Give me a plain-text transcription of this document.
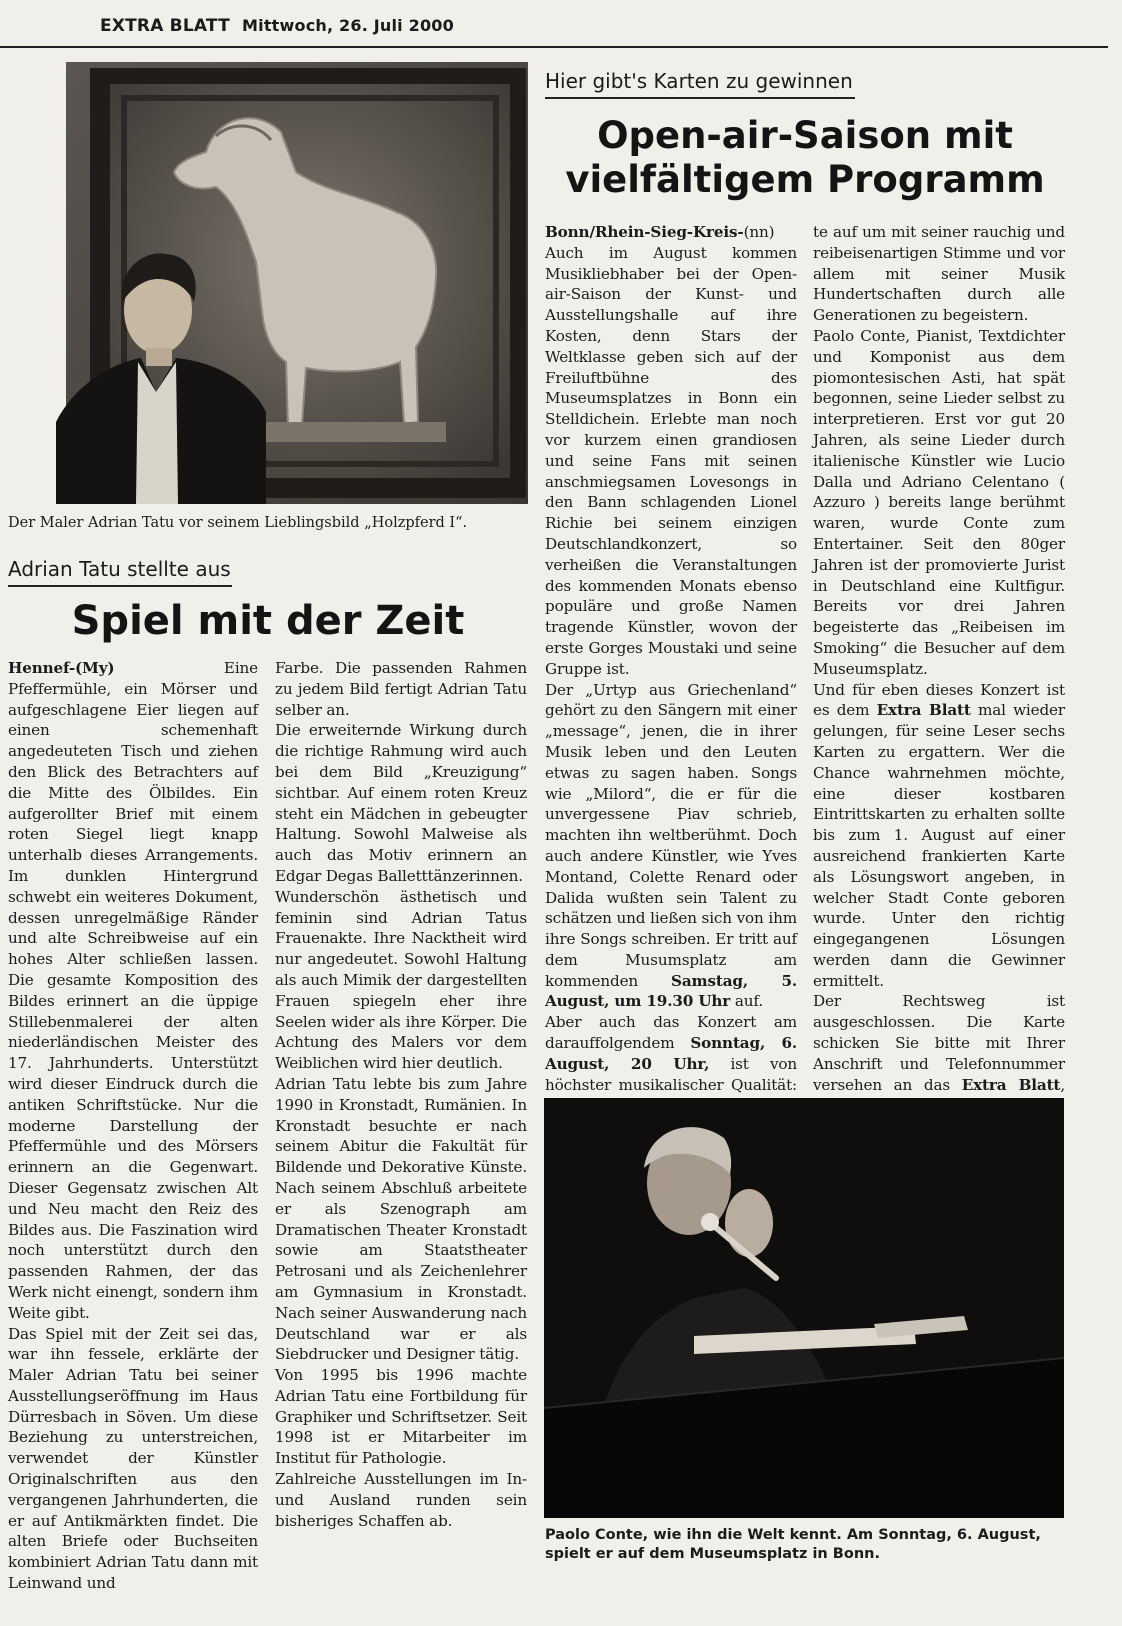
EXTRA BLATT Mittwoch, 26. Juli 2000
Der Maler Adrian Tatu vor seinem Lieblingsbild „Holzpferd I“.
Adrian Tatu stellte aus
Spiel mit der Zeit

Hennef-(My) Eine Pfeffermühle, ein Mörser und aufgeschlagene Eier liegen auf einen schemenhaft angedeuteten Tisch und ziehen den Blick des Betrachters auf die Mitte des Ölbildes. Ein aufgerollter Brief mit einem roten Siegel liegt knapp unterhalb dieses Arrangements. Im dunklen Hintergrund schwebt ein weiteres Dokument, dessen unregelmäßige Ränder und alte Schreibweise auf ein hohes Alter schließen lassen. Die gesamte Komposition des Bildes erinnert an die üppige Stillebenmalerei der alten niederländischen Meister des 17. Jahrhunderts. Unterstützt wird dieser Eindruck durch die antiken Schriftstücke. Nur die moderne Darstellung der Pfeffermühle und des Mörsers erinnern an die Gegenwart. Dieser Gegensatz zwischen Alt und Neu macht den Reiz des Bildes aus. Die Faszination wird noch unterstützt durch den passenden Rahmen, der das Werk nicht einengt, sondern ihm Weite gibt.

Das Spiel mit der Zeit sei das, war ihn fessele, erklärte der Maler Adrian Tatu bei seiner Ausstellungseröffnung im Haus Dürresbach in Söven. Um diese Beziehung zu unterstreichen, verwendet der Künstler Originalschriften aus den vergangenen Jahrhunderten, die er auf Antikmärkten findet. Die alten Briefe oder Buchseiten kombiniert Adrian Tatu dann mit Leinwand und

Farbe. Die passenden Rahmen zu jedem Bild fertigt Adrian Tatu selber an.

Die erweiternde Wirkung durch die richtige Rahmung wird auch bei dem Bild „Kreuzigung“ sichtbar. Auf einem roten Kreuz steht ein Mädchen in gebeugter Haltung. Sowohl Malweise als auch das Motiv erinnern an Edgar Degas Balletttänzerinnen.

Wunderschön ästhetisch und feminin sind Adrian Tatus Frauenakte. Ihre Nacktheit wird nur angedeutet. Sowohl Haltung als auch Mimik der dargestellten Frauen spiegeln eher ihre Seelen wider als ihre Körper. Die Achtung des Malers vor dem Weiblichen wird hier deutlich.

Adrian Tatu lebte bis zum Jahre 1990 in Kronstadt, Rumänien. In Kronstadt besuchte er nach seinem Abitur die Fakultät für Bildende und Dekorative Künste. Nach seinem Abschluß arbeitete er als Szenograph am Dramatischen Theater Kronstadt sowie am Staatstheater Petrosani und als Zeichenlehrer am Gymnasium in Kronstadt. Nach seiner Auswanderung nach Deutschland war er als Siebdrucker und Designer tätig.

Von 1995 bis 1996 machte Adrian Tatu eine Fortbildung für Graphiker und Schriftsetzer. Seit 1998 ist er Mitarbeiter im Institut für Pathologie.

Zahlreiche Ausstellungen im In- und Ausland runden sein bisheriges Schaffen ab.

Hier gibt's Karten zu gewinnen
Open-air-Saison mit
vielfältigem Programm

Bonn/Rhein-Sieg-Kreis-(nn) Auch im August kommen Musikliebhaber bei der Open-air-Saison der Kunst- und Ausstellungshalle auf ihre Kosten, denn Stars der Weltklasse geben sich auf der Freiluftbühne des Museumsplatzes in Bonn ein Stelldichein. Erlebte man noch vor kurzem einen grandiosen und seine Fans mit seinen anschmiegsamen Lovesongs in den Bann schlagenden Lionel Richie bei seinem einzigen Deutschlandkonzert, so verheißen die Veranstaltungen des kommenden Monats ebenso populäre und große Namen tragende Künstler, wovon der erste Gorges Moustaki und seine Gruppe ist.

Der „Urtyp aus Griechenland“ gehört zu den Sängern mit einer „message“, jenen, die in ihrer Musik leben und den Leuten etwas zu sagen haben. Songs wie „Milord“, die er für die unvergessene Piav schrieb, machten ihn weltberühmt. Doch auch andere Künstler, wie Yves Montand, Colette Renard oder Dalida wußten sein Talent zu schätzen und ließen sich von ihm ihre Songs schreiben. Er tritt auf dem Musumsplatz am kommenden Samstag, 5. August, um 19.30 Uhr auf.

Aber auch das Konzert am darauffolgendem Sonntag, 6. August, 20 Uhr, ist von höchster musikalischer Qualität:

te auf um mit seiner rauchig und reibeisenartigen Stimme und vor allem mit seiner Musik Hundertschaften durch alle Generationen zu begeistern.

Paolo Conte, Pianist, Textdichter und Komponist aus dem piomontesischen Asti, hat spät begonnen, seine Lieder selbst zu interpretieren. Erst vor gut 20 Jahren, als seine Lieder durch italienische Künstler wie Lucio Dalla und Adriano Celentano ( Azzuro ) bereits lange berühmt waren, wurde Conte zum Entertainer. Seit den 80ger Jahren ist der promovierte Jurist in Deutschland eine Kultfigur. Bereits vor drei Jahren begeisterte das „Reibeisen im Smoking“ die Besucher auf dem Museumsplatz.

Und für eben dieses Konzert ist es dem Extra Blatt mal wieder gelungen, für seine Leser sechs Karten zu ergattern. Wer die Chance wahrnehmen möchte, eine dieser kostbaren Eintrittskarten zu erhalten sollte bis zum 1. August auf einer ausreichend frankierten Karte als Lösungswort angeben, in welcher Stadt Conte geboren wurde. Unter den richtig eingegangenen Lösungen werden dann die Gewinner ermittelt.

Der Rechtsweg ist ausgeschlossen. Die Karte schicken Sie bitte mit Ihrer Anschrift und Telefonnummer versehen an das Extra Blatt,

Paolo Conte, wie ihn die Welt kennt. Am Sonntag, 6. August, spielt er auf dem Museumsplatz in Bonn.
